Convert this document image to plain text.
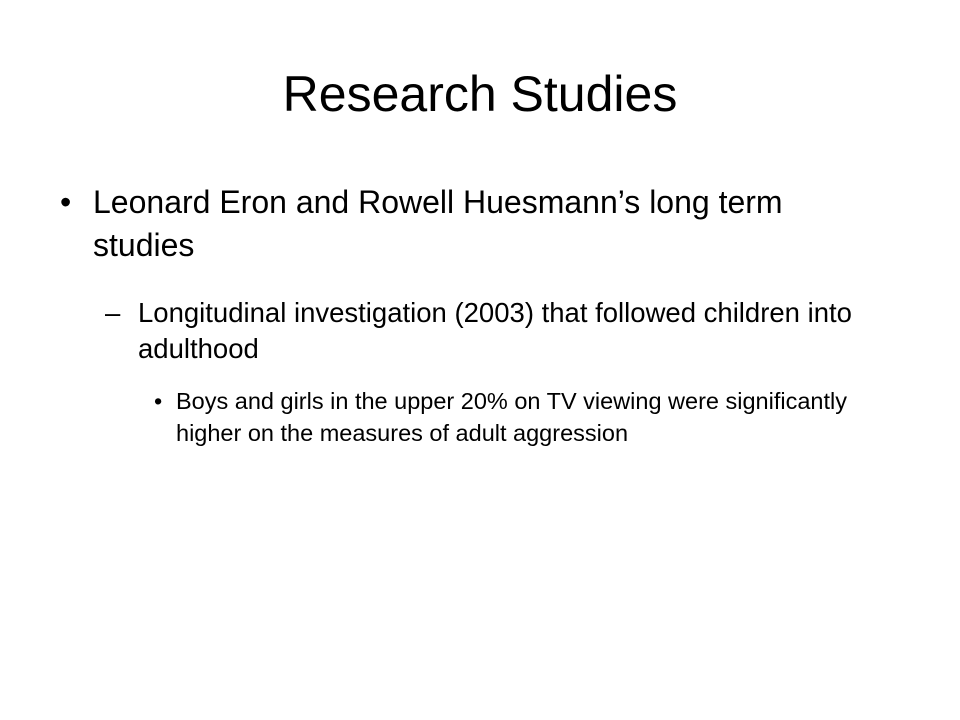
Research Studies
• Leonard Eron and Rowell Huesmann’s long term studies
– Longitudinal investigation (2003) that followed children into adulthood
• Boys and girls in the upper 20% on TV viewing were significantly higher on the measures of adult aggression
